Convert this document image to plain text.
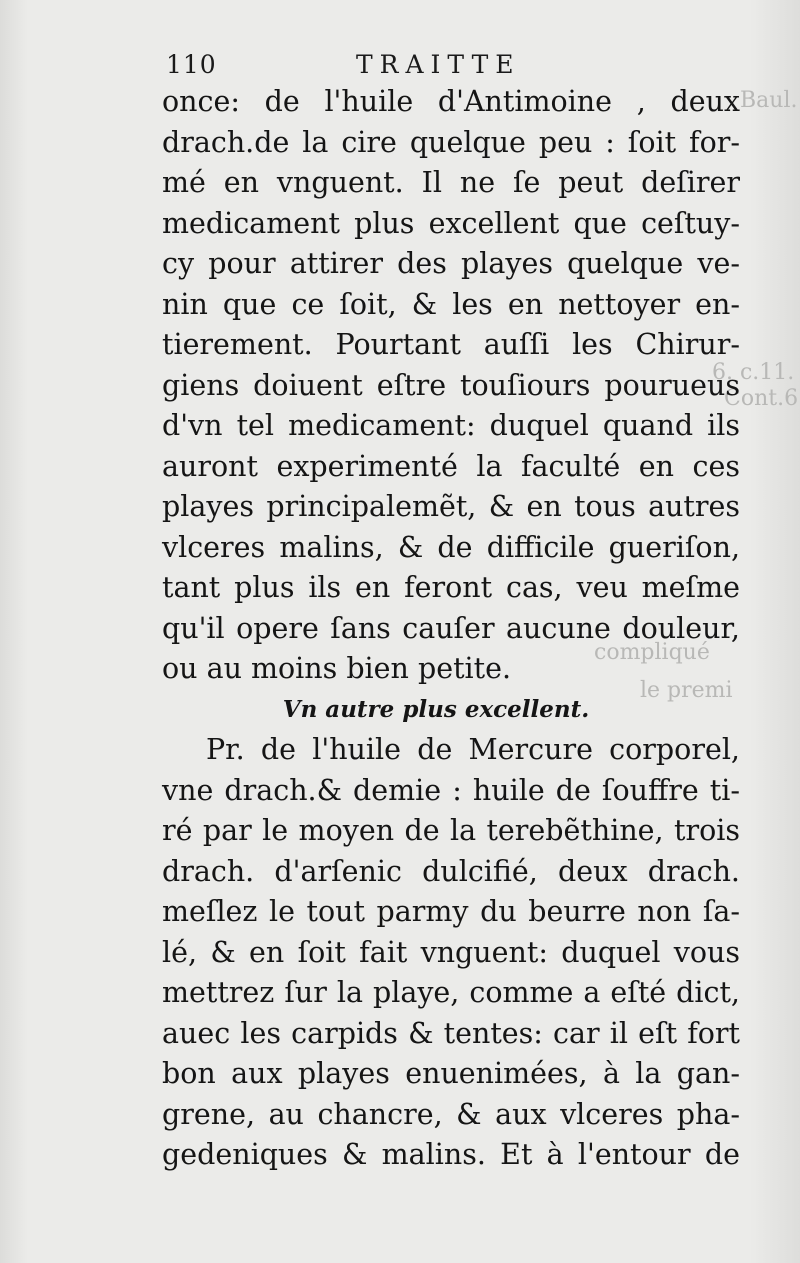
Baul.
6. c.11.
Cont.6
compliqué
le premi
110	TRAITTE
once: de l'huile d'Antimoine , deux
drach.de la cire quelque peu : ſoit for-
mé en vnguent. Il ne ſe peut deſirer
medicament plus excellent que ceſtuy-
cy pour attirer des playes quelque ve-
nin que ce ſoit, & les en nettoyer en-
tierement. Pourtant auſſi les Chirur-
giens doiuent eſtre touſiours pourueus
d'vn tel medicament: duquel quand ils
auront experimenté la faculté en ces
playes principalemẽt, & en tous autres
vlceres malins, & de difficile gueriſon,
tant plus ils en feront cas, veu meſme
qu'il opere ſans cauſer aucune douleur,
ou au moins bien petite.
Vn autre plus excellent.
Pr. de l'huile de Mercure corporel,
vne drach.& demie : huile de ſouffre ti-
ré par le moyen de la terebẽthine, trois
drach. d'arſenic dulcifié, deux drach.
meſlez le tout parmy du beurre non ſa-
lé, & en ſoit fait vnguent: duquel vous
mettrez ſur la playe, comme a eſté dict,
auec les carpids & tentes: car il eſt fort
bon aux playes enuenimées, à la gan-
grene, au chancre, & aux vlceres pha-
gedeniques & malins. Et à l'entour de
